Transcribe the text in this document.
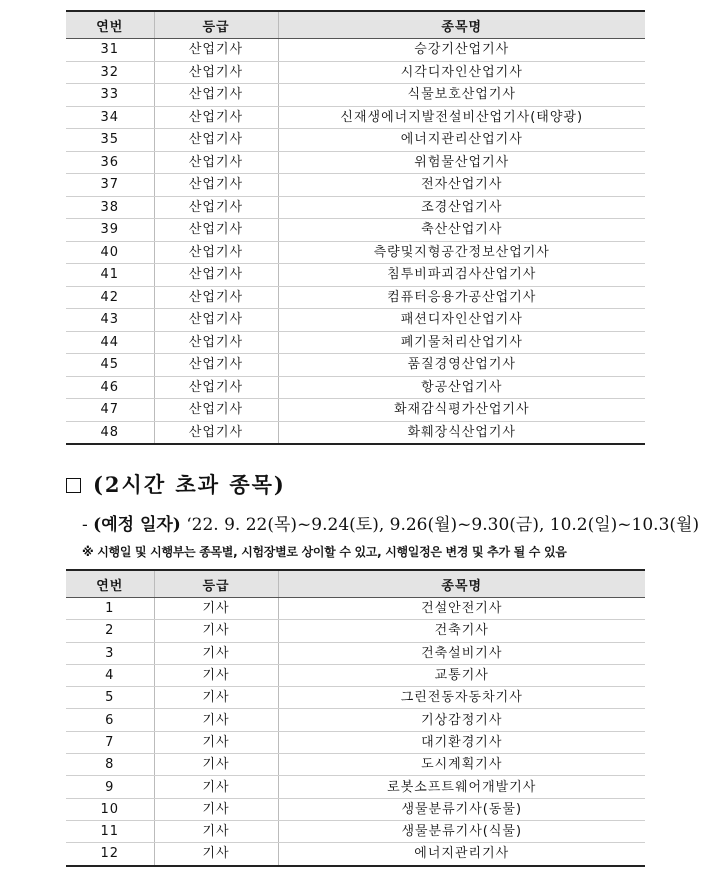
연번	등급	종목명
31	산업기사	승강기산업기사
32	산업기사	시각디자인산업기사
33	산업기사	식물보호산업기사
34	산업기사	신재생에너지발전설비산업기사(태양광)
35	산업기사	에너지관리산업기사
36	산업기사	위험물산업기사
37	산업기사	전자산업기사
38	산업기사	조경산업기사
39	산업기사	축산산업기사
40	산업기사	측량및지형공간정보산업기사
41	산업기사	침투비파괴검사산업기사
42	산업기사	컴퓨터응용가공산업기사
43	산업기사	패션디자인산업기사
44	산업기사	폐기물처리산업기사
45	산업기사	품질경영산업기사
46	산업기사	항공산업기사
47	산업기사	화재감식평가산업기사
48	산업기사	화훼장식산업기사
(2시간 초과 종목)
- (예정 일자) ‘22. 9. 22(목)~9.24(토), 9.26(월)~9.30(금), 10.2(일)~10.3(월)
※ 시행일 및 시행부는 종목별, 시험장별로 상이할 수 있고, 시행일정은 변경 및 추가 될 수 있음
연번	등급	종목명
1	기사	건설안전기사
2	기사	건축기사
3	기사	건축설비기사
4	기사	교통기사
5	기사	그린전동자동차기사
6	기사	기상감정기사
7	기사	대기환경기사
8	기사	도시계획기사
9	기사	로봇소프트웨어개발기사
10	기사	생물분류기사(동물)
11	기사	생물분류기사(식물)
12	기사	에너지관리기사
